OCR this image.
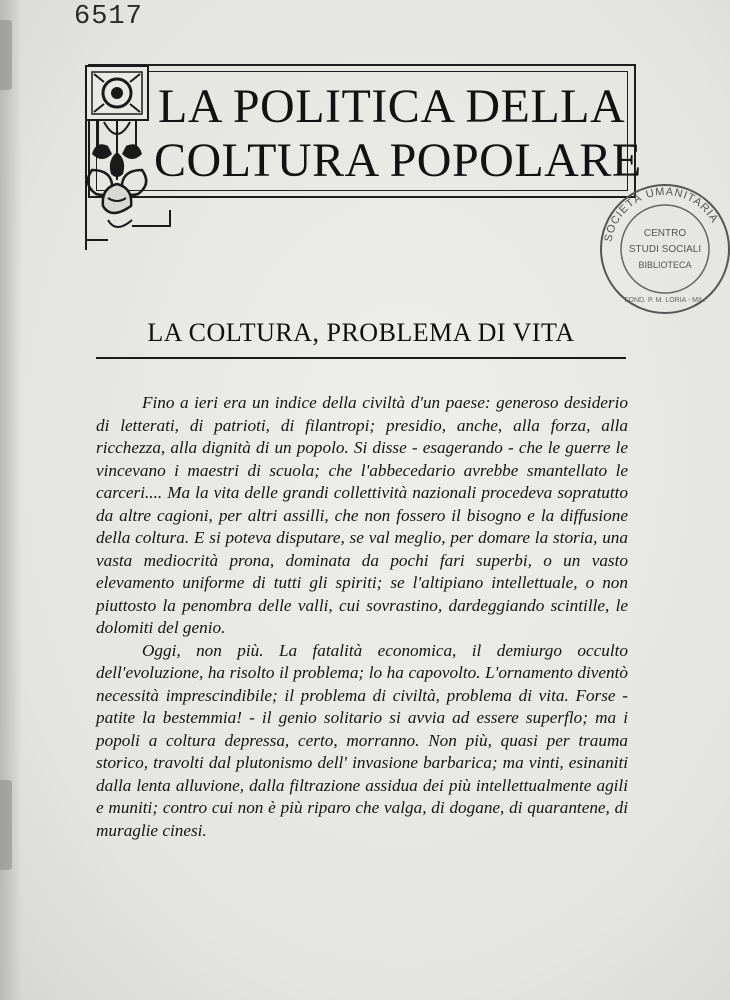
6517
LA POLITICA DELLA
COLTURA POPOLARE
SOCIETÀ UMANITARIA
CENTRO
STUDI SOCIALI
BIBLIOTECA
FOND. P. M. LORIA - MIL.
LA COLTURA, PROBLEMA DI VITA

Fino a ieri era un indice della civiltà d'un paese: generoso desiderio di letterati, di patrioti, di filantropi; presidio, anche, alla forza, alla ricchezza, alla dignità di un popolo. Si disse - esagerando - che le guerre le vincevano i maestri di scuola; che l'abbecedario avrebbe smantellato le carceri.... Ma la vita delle grandi collettività nazionali procedeva sopratutto da altre cagioni, per altri assilli, che non fossero il bisogno e la diffusione della coltura. E si poteva disputare, se val meglio, per domare la storia, una vasta mediocrità prona, dominata da pochi fari superbi, o un vasto elevamento uniforme di tutti gli spiriti; se l'altipiano intellettuale, o non piuttosto la penombra delle valli, cui sovrastino, dardeggiando scintille, le dolomiti del genio.

Oggi, non più. La fatalità economica, il demiurgo occulto dell'evoluzione, ha risolto il problema; lo ha capovolto. L'ornamento diventò necessità imprescindibile; il problema di civiltà, problema di vita. Forse - patite la bestemmia! - il genio solitario si avvia ad essere superflo; ma i popoli a coltura depressa, certo, morranno. Non più, quasi per trauma storico, travolti dal plutonismo dell' invasione barbarica; ma vinti, esinaniti dalla lenta alluvione, dalla filtrazione assidua dei più intellettualmente agili e muniti; contro cui non è più riparo che valga, di dogane, di quarantene, di muraglie cinesi.
